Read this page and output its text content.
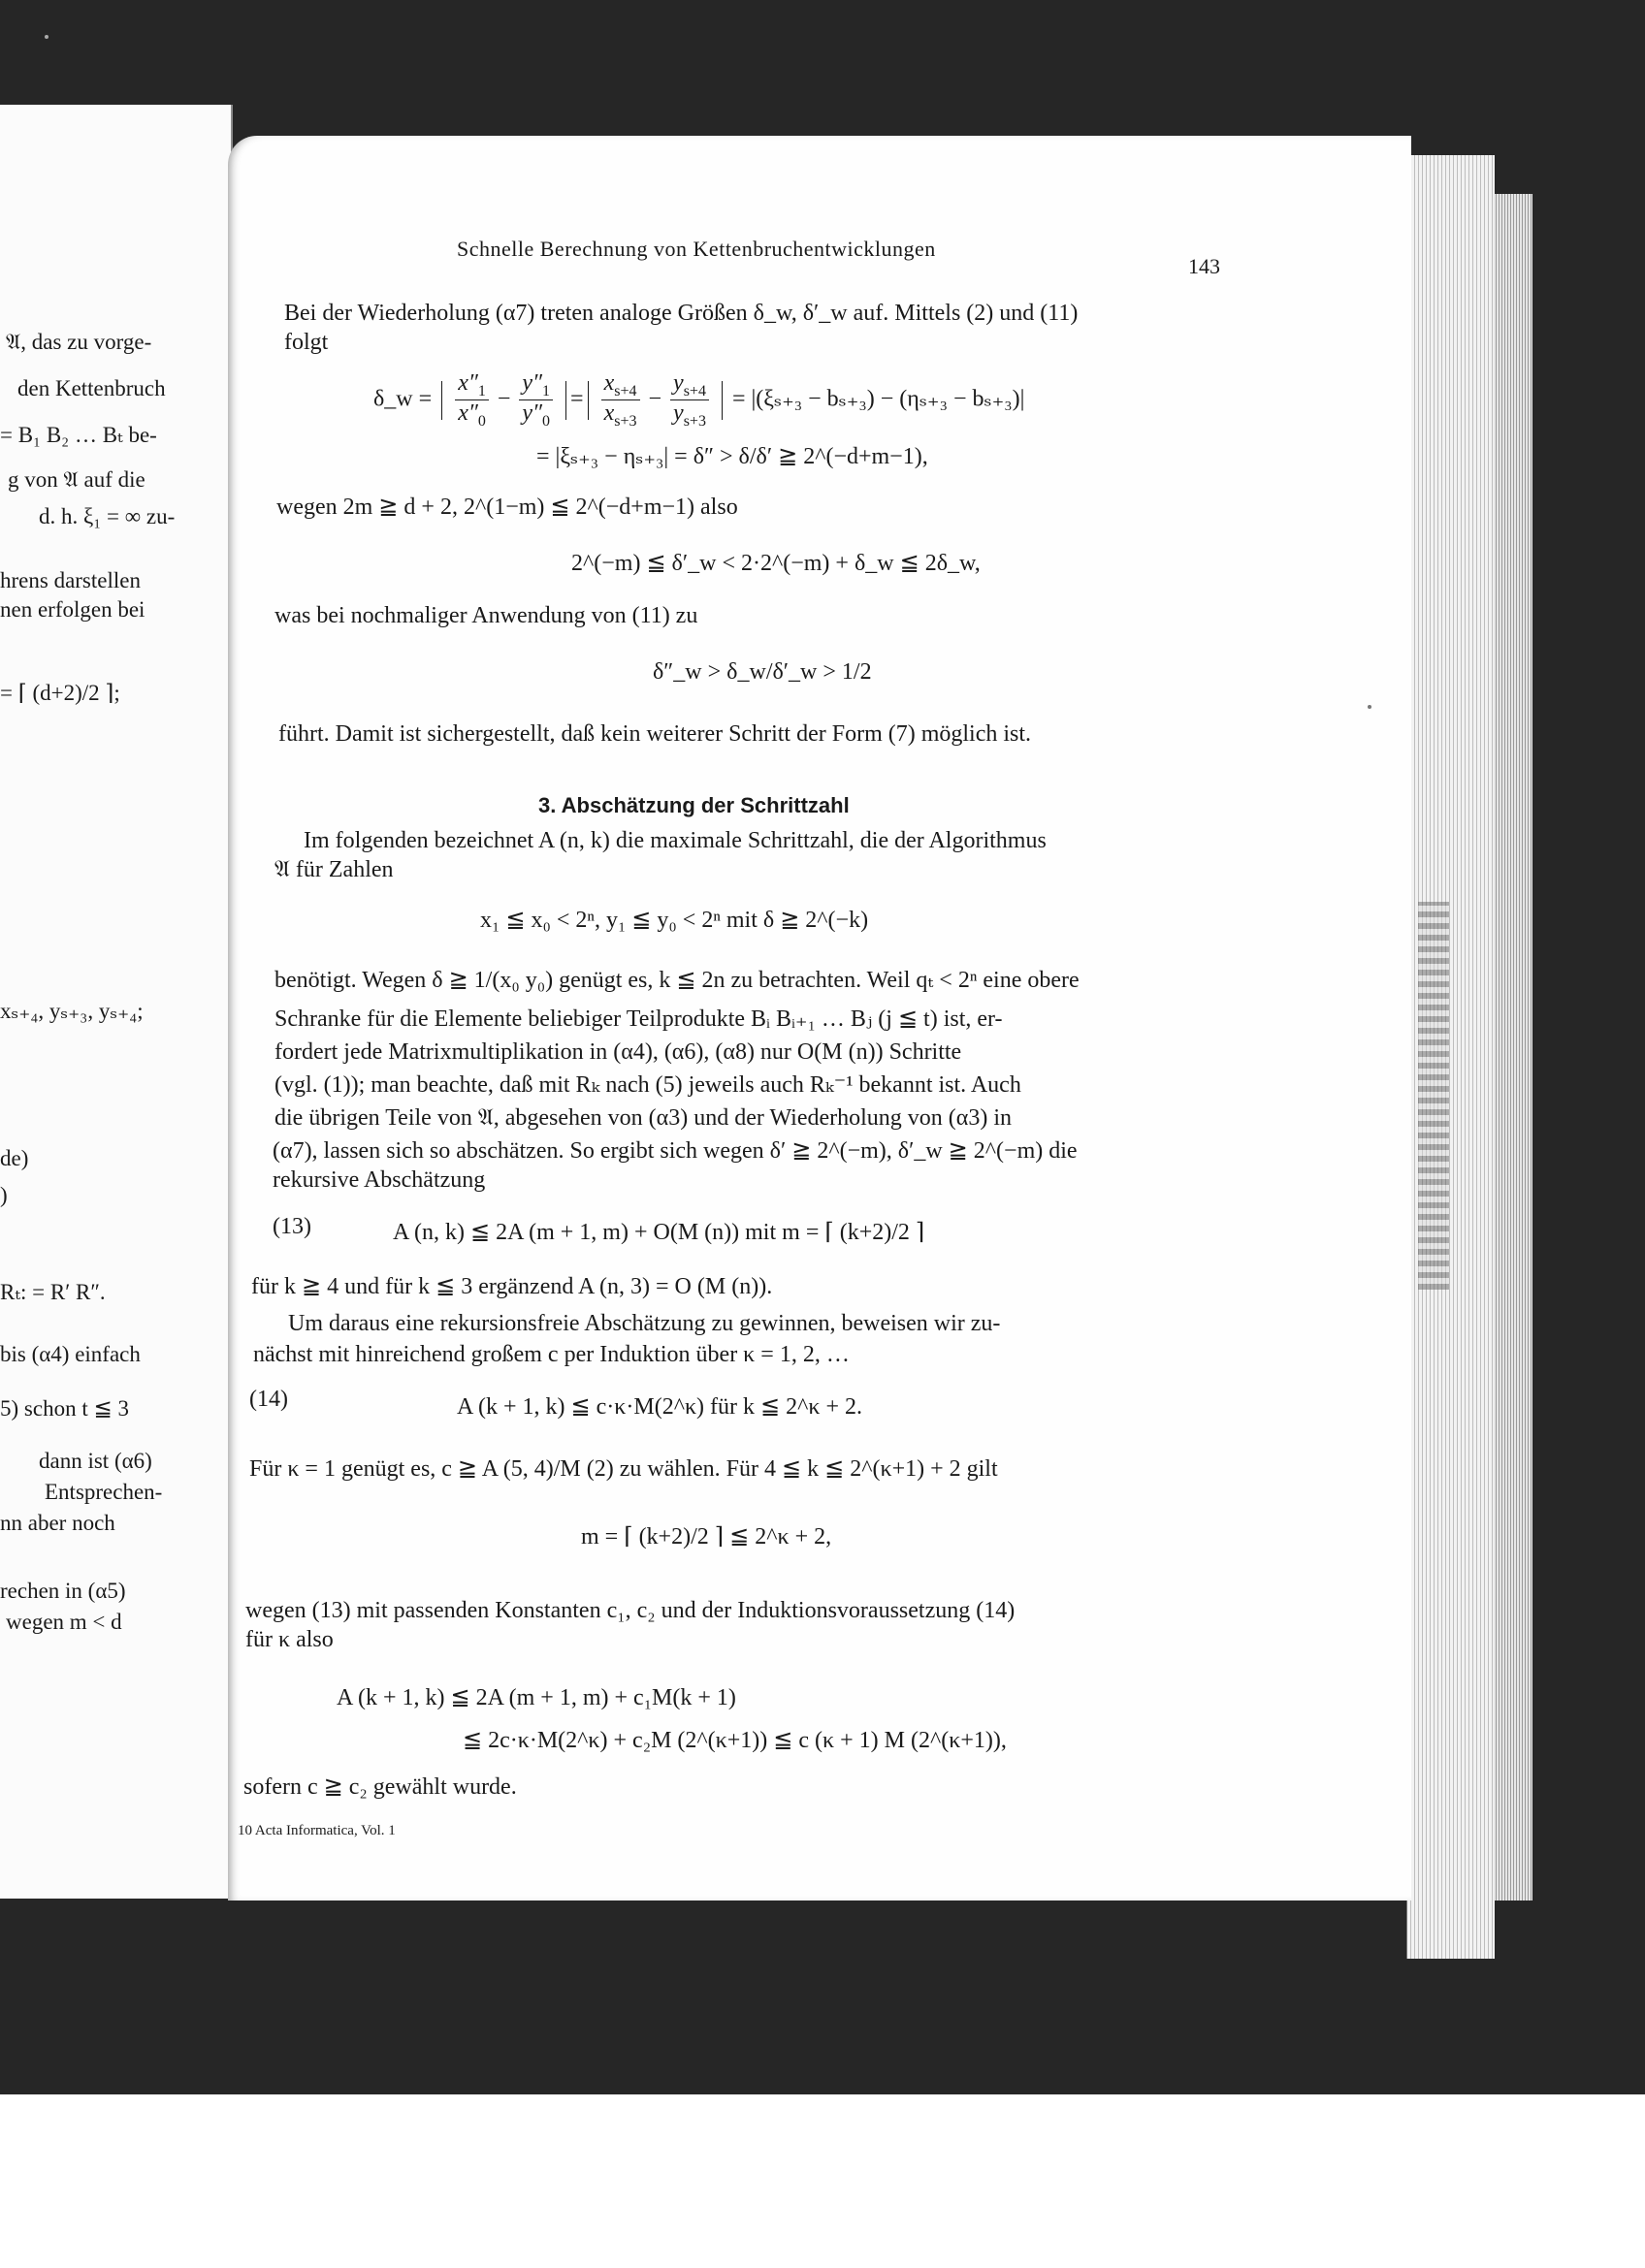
𝔄, das zu vorge-
den Kettenbruch
= B₁ B₂ … Bₜ be-
g von 𝔄 auf die
d. h. ξ₁ = ∞ zu-
hrens darstellen
nen erfolgen bei
= ⌈ (d+2)/2 ⌉;
xₛ₊₄, yₛ₊₃, yₛ₊₄;
de)
)
Rₜ: = R′ R″.
bis (α4) einfach
5) schon t ≦ 3
dann ist (α6)
Entsprechen-
nn aber noch
rechen in (α5)
wegen m < d
Schnelle Berechnung von Kettenbruchentwicklungen
143
Bei der Wiederholung (α7) treten analoge Größen δ_w, δ′_w auf. Mittels (2) und (11)
folgt
δ_w = $\frac{x''_1}{x''_0} - \frac{y''_1}{y''_0} = \frac{x_{s+4}}{x_{s+3}} - \frac{y_{s+4}}{y_{s+3}} = |(\xi_{s+3} - b_{s+3}) - (\eta_{s+3} - b_{s+3})|$
= |ξₛ₊₃ − ηₛ₊₃| = δ″ > δ/δ′ ≧ 2^(−d+m−1),
wegen 2m ≧ d + 2, 2^(1−m) ≦ 2^(−d+m−1) also
2^(−m) ≦ δ′_w < 2·2^(−m) + δ_w ≦ 2δ_w,
was bei nochmaliger Anwendung von (11) zu
δ″_w > δ_w/δ′_w > 1/2
führt. Damit ist sichergestellt, daß kein weiterer Schritt der Form (7) möglich ist.
3. Abschätzung der Schrittzahl
Im folgenden bezeichnet A (n, k) die maximale Schrittzahl, die der Algorithmus
𝔄 für Zahlen
x₁ ≦ x₀ < 2ⁿ, y₁ ≦ y₀ < 2ⁿ mit δ ≧ 2^(−k)
benötigt. Wegen δ ≧ 1/(x₀ y₀) genügt es, k ≦ 2n zu betrachten. Weil qₜ < 2ⁿ eine obere
Schranke für die Elemente beliebiger Teilprodukte Bᵢ Bᵢ₊₁ … Bⱼ (j ≦ t) ist, er-
fordert jede Matrixmultiplikation in (α4), (α6), (α8) nur O(M (n)) Schritte
(vgl. (1)); man beachte, daß mit Rₖ nach (5) jeweils auch Rₖ⁻¹ bekannt ist. Auch
die übrigen Teile von 𝔄, abgesehen von (α3) und der Wiederholung von (α3) in
(α7), lassen sich so abschätzen. So ergibt sich wegen δ′ ≧ 2^(−m), δ′_w ≧ 2^(−m) die
rekursive Abschätzung
(13)	A (n, k) ≦ 2A (m + 1, m) + O(M (n)) mit m = ⌈ (k+2)/2 ⌉
für k ≧ 4 und für k ≦ 3 ergänzend A (n, 3) = O (M (n)).
Um daraus eine rekursionsfreie Abschätzung zu gewinnen, beweisen wir zu-
nächst mit hinreichend großem c per Induktion über κ = 1, 2, …
(14)	A (k + 1, k) ≦ c·κ·M(2^κ) für k ≦ 2^κ + 2.
Für κ = 1 genügt es, c ≧ A (5, 4)/M (2) zu wählen. Für 4 ≦ k ≦ 2^(κ+1) + 2 gilt
m = ⌈ (k+2)/2 ⌉ ≦ 2^κ + 2,
wegen (13) mit passenden Konstanten c₁, c₂ und der Induktionsvoraussetzung (14)
für κ also
A (k + 1, k) ≦ 2A (m + 1, m) + c₁M(k + 1)
≦ 2c·κ·M(2^κ) + c₂M (2^(κ+1)) ≦ c (κ + 1) M (2^(κ+1)),
sofern c ≧ c₂ gewählt wurde.
10 Acta Informatica, Vol. 1
